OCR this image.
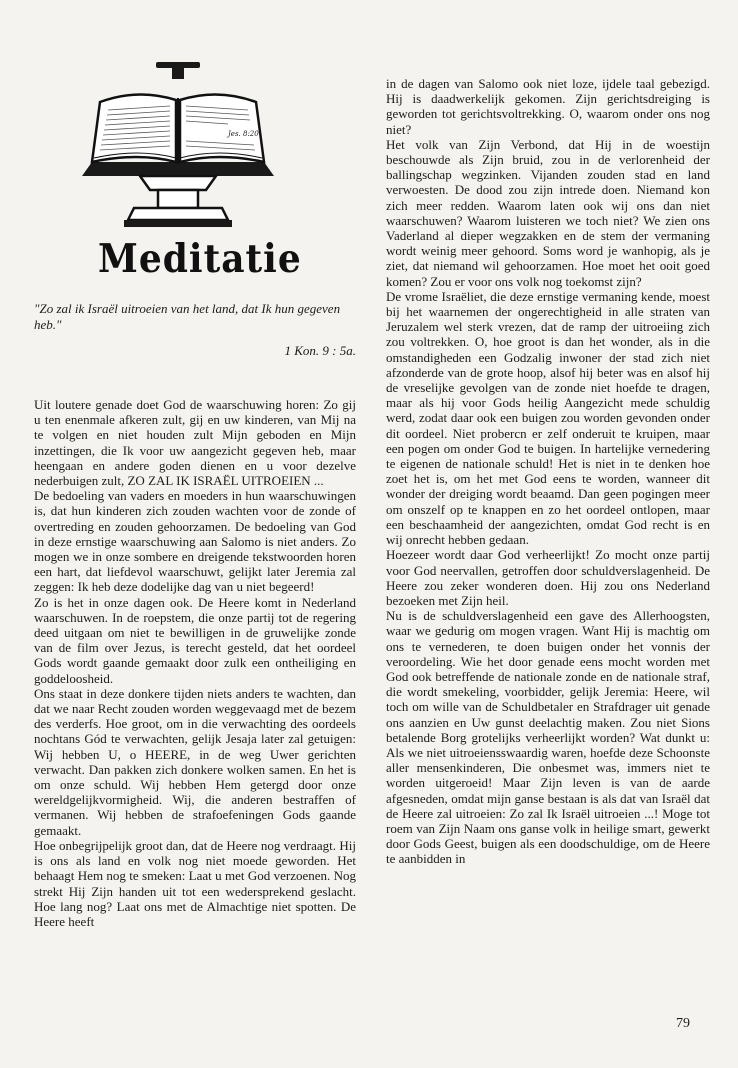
Jes. 8:20
Meditatie
"Zo zal ik Israël uitroeien van het land, dat Ik hun gegeven heb."
1 Kon. 9 : 5a.

Uit loutere genade doet God de waarschuwing horen: Zo gij u ten enenmale afkeren zult, gij en uw kinderen, van Mij na te volgen en niet houden zult Mijn geboden en Mijn inzettingen, die Ik voor uw aangezicht gegeven heb, maar heengaan en andere goden dienen en u voor dezelve nederbuigen zult, ZO ZAL IK ISRAËL UITROEIEN ...

De bedoeling van vaders en moeders in hun waarschuwingen is, dat hun kinderen zich zouden wachten voor de zonde of overtreding en zouden gehoorzamen. De bedoeling van God in deze ernstige waarschuwing aan Salomo is niet anders. Zo mogen we in onze sombere en dreigende tekstwoorden horen een hart, dat liefdevol waarschuwt, gelijkt later Jeremia zal zeggen: Ik heb deze dodelijke dag van u niet begeerd!

Zo is het in onze dagen ook. De Heere komt in Nederland waarschuwen. In de roepstem, die onze partij tot de regering deed uitgaan om niet te bewilligen in de gruwelijke zonde van de film over Jezus, is terecht gesteld, dat het oordeel Gods wordt gaande gemaakt door zulk een ontheiliging en goddeloosheid.

Ons staat in deze donkere tijden niets anders te wachten, dan dat we naar Recht zouden worden weggevaagd met de bezem des verderfs. Hoe groot, om in die verwachting des oordeels nochtans Gód te verwachten, gelijk Jesaja later zal getuigen: Wij hebben U, o HEERE, in de weg Uwer gerichten verwacht. Dan pakken zich donkere wolken samen. En het is om onze schuld. Wij hebben Hem getergd door onze wereldgelijkvormigheid. Wij, die anderen bestraffen of vermanen. Wij hebben de strafoefeningen Gods gaande gemaakt.

Hoe onbegrijpelijk groot dan, dat de Heere nog verdraagt. Hij is ons als land en volk nog niet moede geworden. Het behaagt Hem nog te smeken: Laat u met God verzoenen. Nog strekt Hij Zijn handen uit tot een wedersprekend geslacht. Hoe lang nog? Laat ons met de Almachtige niet spotten. De Heere heeft

in de dagen van Salomo ook niet loze, ijdele taal gebezigd. Hij is daadwerkelijk gekomen. Zijn gerichtsdreiging is geworden tot gerichtsvoltrekking. O, waarom onder ons nog niet?

Het volk van Zijn Verbond, dat Hij in de woestijn beschouwde als Zijn bruid, zou in de verlorenheid der ballingschap wegzinken. Vijanden zouden stad en land verwoesten. De dood zou zijn intrede doen. Niemand kon zich meer redden. Waarom laten ook wij ons dan niet waarschuwen? Waarom luisteren we toch niet? We zien ons Vaderland al dieper wegzakken en de stem der vermaning wordt weinig meer gehoord. Soms word je wanhopig, als je ziet, dat niemand wil gehoorzamen. Hoe moet het ooit goed komen? Zou er voor ons volk nog toekomst zijn?

De vrome Israëliet, die deze ernstige vermaning kende, moest bij het waarnemen der ongerechtigheid in alle straten van Jeruzalem wel sterk vrezen, dat de ramp der uitroeiing zich zou voltrekken. O, hoe groot is dan het wonder, als in die omstandigheden een Godzalig inwoner der stad zich niet afzonderde van de grote hoop, alsof hij beter was en alsof hij de vreselijke gevolgen van de zonde niet hoefde te dragen, maar als hij voor Gods heilig Aangezicht mede schuldig werd, zodat daar ook een buigen zou worden gevonden onder dit oordeel. Niet probercn er zelf onderuit te kruipen, maar een pogen om onder God te buigen. In hartelijke vernedering te eigenen de nationale schuld! Het is niet in te denken hoe zoet het is, om het met God eens te worden, wanneer dit wonder der dreiging wordt beaamd. Dan geen pogingen meer om onszelf op te knappen en zo het oordeel ontlopen, maar een beschaamheid der aangezichten, omdat God recht is en wij onrecht hebben gedaan.

Hoezeer wordt daar God verheerlijkt! Zo mocht onze partij voor God neervallen, getroffen door schuldverslagenheid. De Heere zou zeker wonderen doen. Hij zou ons Nederland bezoeken met Zijn heil.

Nu is de schuldverslagenheid een gave des Allerhoogsten, waar we gedurig om mogen vragen. Want Hij is machtig om ons te vernederen, te doen buigen onder het vonnis der veroordeling. Wie het door genade eens mocht worden met God ook betreffende de nationale zonde en de nationale straf, die wordt smekeling, voorbidder, gelijk Jeremia: Heere, wil toch om wille van de Schuldbetaler en Strafdrager uit genade ons aanzien en Uw gunst deelachtig maken. Zou niet Sions betalende Borg grotelijks verheerlijkt worden? Wat dunkt u: Als we niet uitroeiensswaardig waren, hoefde deze Schoonste aller mensenkinderen, Die onbesmet was, immers niet te worden uitgeroeid! Maar Zijn leven is van de aarde afgesneden, omdat mijn ganse bestaan is als dat van Israël dat de Heere zal uitroeien: Zo zal Ik Israël uitroeien ...! Moge tot roem van Zijn Naam ons ganse volk in heilige smart, gewerkt door Gods Geest, buigen als een doodschuldige, om de Heere te aanbidden in

79
